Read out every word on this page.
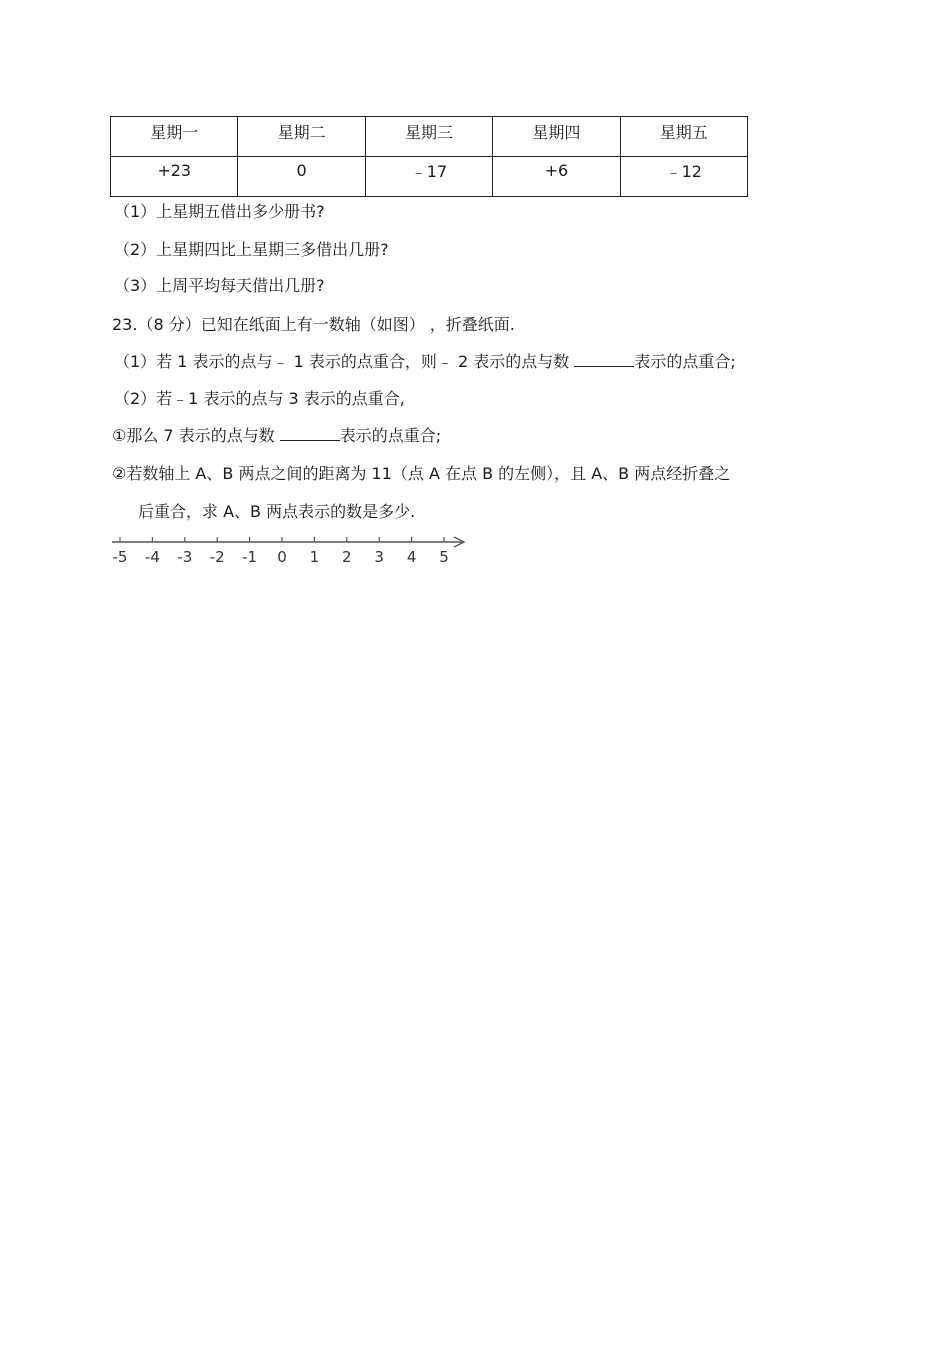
星期一	星期二	星期三	星期四	星期五
+23	0	﹣17	+6	﹣12
（1）上星期五借出多少册书?
（2）上星期四比上星期三多借出几册?
（3）上周平均每天借出几册?
23.（8 分）已知在纸面上有一数轴（如图） ，折叠纸面.
（1）若 1 表示的点与﹣ 1 表示的点重合，则﹣ 2 表示的点与数	表示的点重合;
（2）若﹣1 表示的点与 3 表示的点重合,
①那么 7 表示的点与数	表示的点重合;
②若数轴上 A、B 两点之间的距离为 11（点 A 在点 B 的左侧），且 A、B 两点经折叠之
后重合，求 A、B 两点表示的数是多少.
-5 -4 -3 -2 -1 0 1 2 3 4 5
